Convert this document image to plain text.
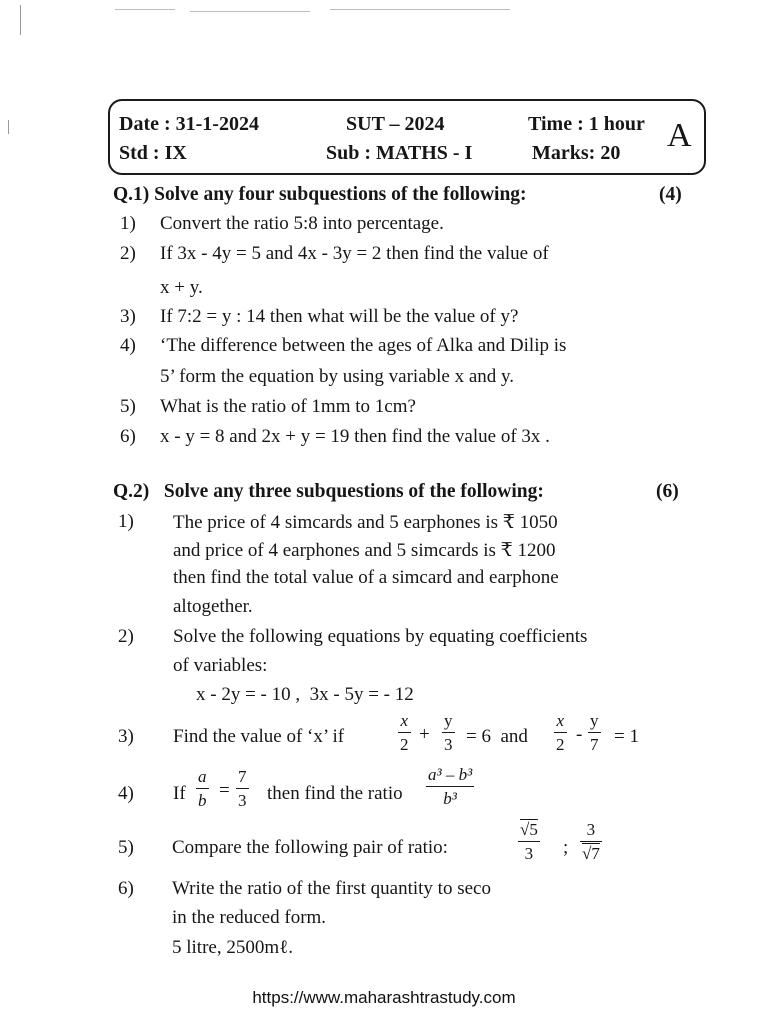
Date : 31-1-2024	SUT – 2024	Time : 1 hour
Std : IX	Sub : MATHS - I	Marks: 20 A
Q.1) Solve any four subquestions of the following:	(4)
1) Convert the ratio 5:8 into percentage.
2) If 3x - 4y = 5 and 4x - 3y = 2 then find the value of
x + y.
3) If 7:2 = y : 14 then what will be the value of y?
4) ‘The difference between the ages of Alka and Dilip is
5’ form the equation by using variable x and y.
5) What is the ratio of 1mm to 1cm?
6) x - y = 8 and 2x + y = 19 then find the value of 3x .
Q.2)   Solve any three subquestions of the following:	(6)
1) The price of 4 simcards and 5 earphones is ₹ 1050
and price of 4 earphones and 5 simcards is ₹ 1200
then find the total value of a simcard and earphone
altogether.
2) Solve the following equations by equating coefficients
of variables:
x - 2y = - 10 ,  3x - 5y = - 12
3) Find the value of ‘x’ if
x
2 +
y
3 = 6  and
x
2 -
y
7 = 1
4) If
a
b =
7
3 then find the ratio
a³ – b³
b³
5) Compare the following pair of ratio:
√5
3 ; $\frac{3}{√7}$
6) Write the ratio of the first quantity to seco
in the reduced form.
5 litre, 2500mℓ.
https://www.maharashtrastudy.com
